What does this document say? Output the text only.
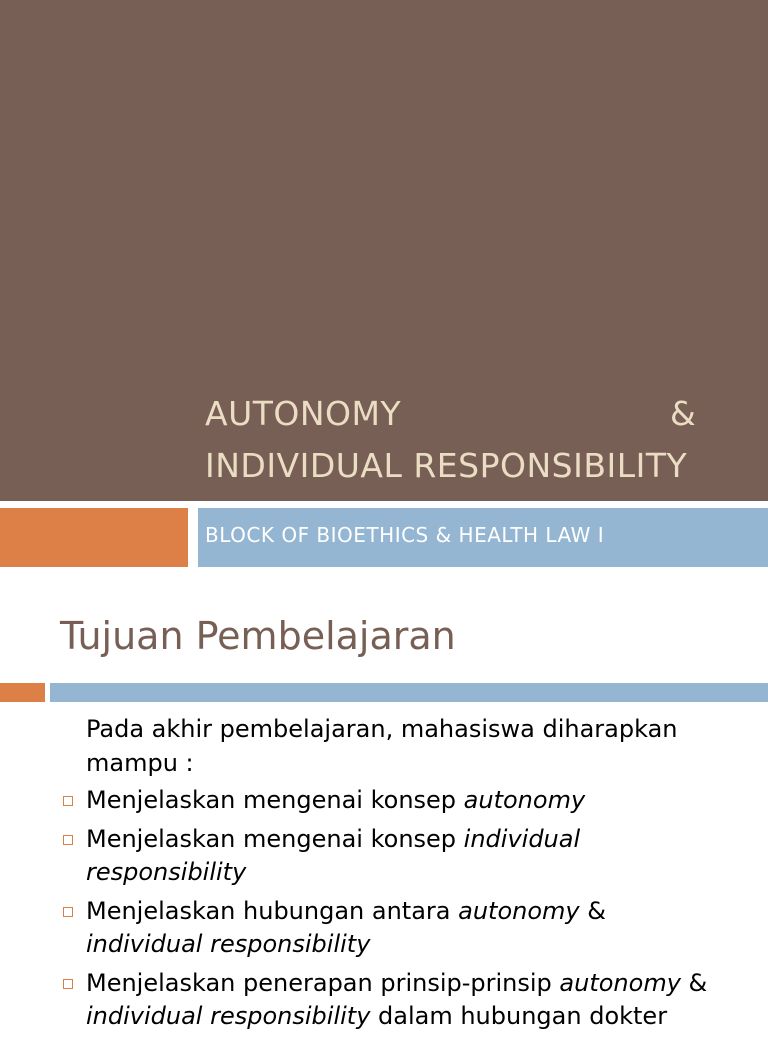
AUTONOMY	&
INDIVIDUAL RESPONSIBILITY
BLOCK OF BIOETHICS & HEALTH LAW I
Tujuan Pembelajaran
Pada akhir pembelajaran, mahasiswa diharapkan mampu :
Menjelaskan mengenai konsep autonomy
Menjelaskan mengenai konsep individual responsibility
Menjelaskan hubungan antara autonomy & individual responsibility
Menjelaskan penerapan prinsip-prinsip autonomy & individual responsibility dalam hubungan dokter
